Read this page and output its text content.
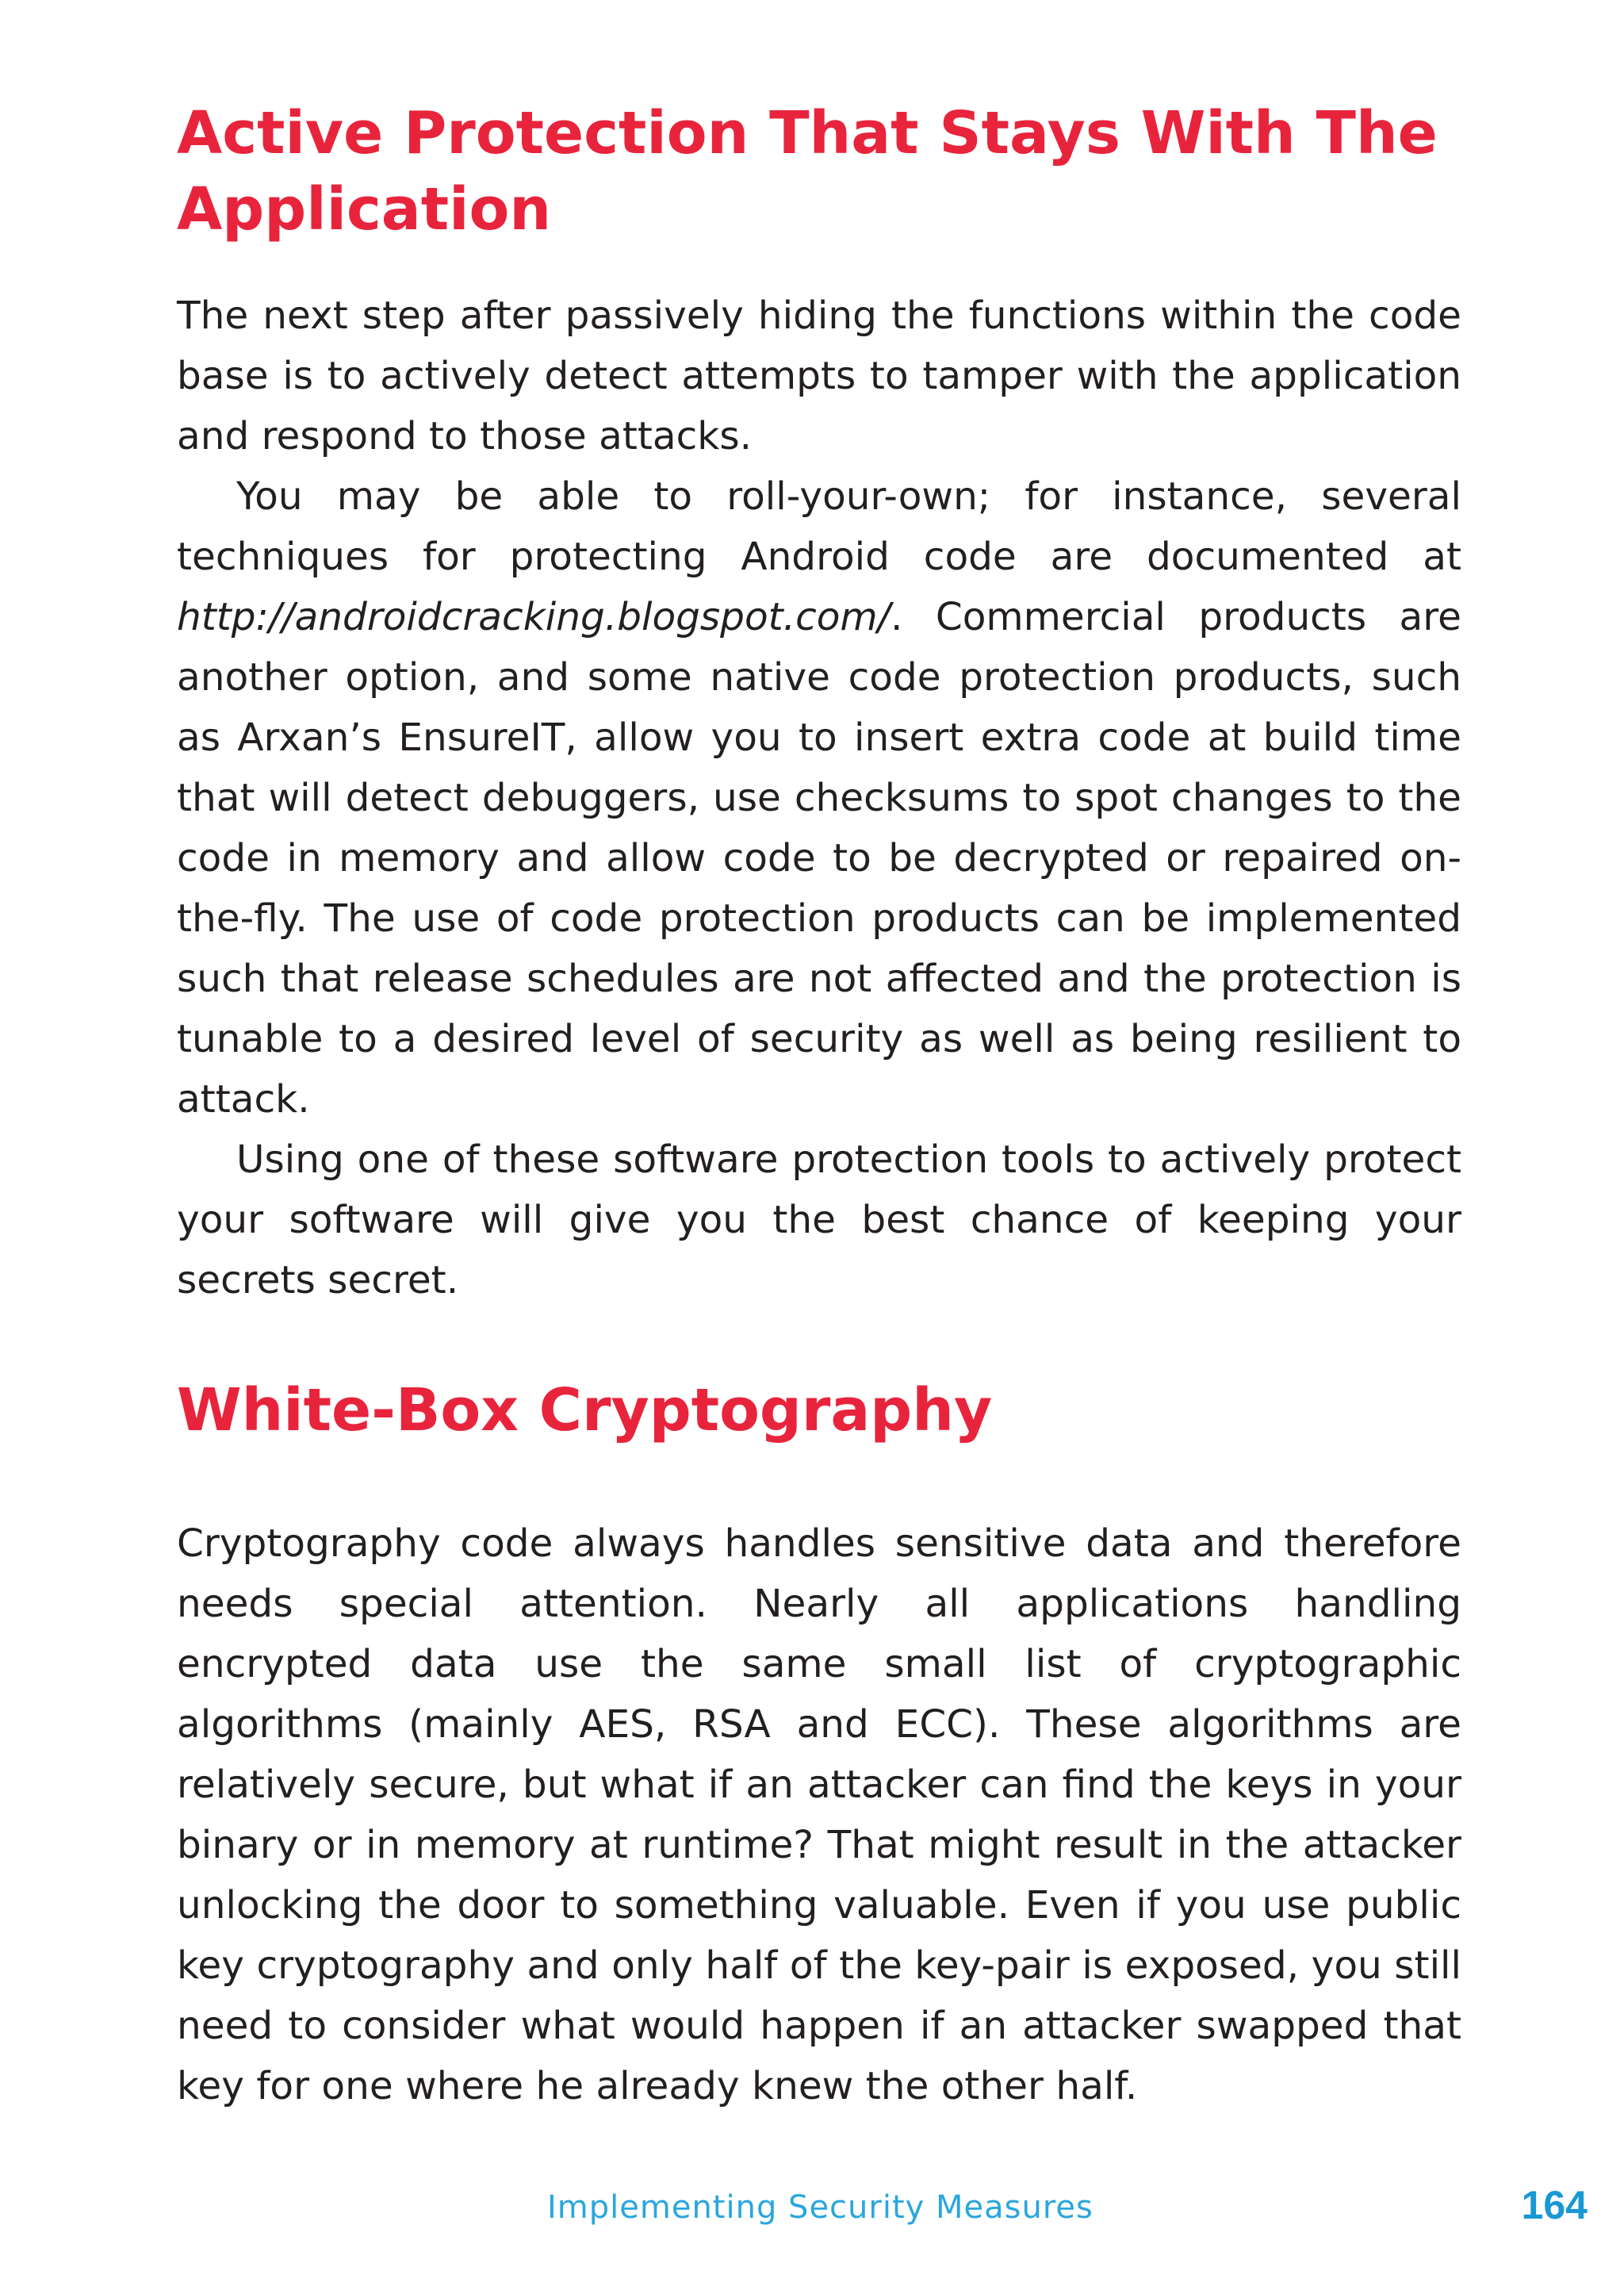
Active Protection That Stays With The Application

The next step after passively hiding the functions within the code base is to actively detect attempts to tamper with the application and respond to those attacks.

You may be able to roll-your-own; for instance, several techniques for protecting Android code are documented at http://androidcracking.blogspot.com/. Commercial products are another option, and some native code protection products, such as Arxan’s EnsureIT, allow you to insert extra code at build time that will detect debuggers, use checksums to spot changes to the code in memory and allow code to be decrypted or repaired on-the-fly. The use of code protection products can be implemented such that release schedules are not affected and the protection is tunable to a desired level of security as well as being resilient to attack.

Using one of these software protection tools to actively protect your software will give you the best chance of keeping your secrets secret.

White-Box Cryptography

Cryptography code always handles sensitive data and therefore needs special attention. Nearly all applications handling encrypted data use the same small list of cryptographic algorithms (mainly AES, RSA and ECC). These algorithms are relatively secure, but what if an attacker can find the keys in your binary or in memory at runtime? That might result in the attacker unlocking the door to something valuable. Even if you use public key cryptography and only half of the key-pair is exposed, you still need to consider what would happen if an attacker swapped that key for one where he already knew the other half.

Implementing Security Measures	164
